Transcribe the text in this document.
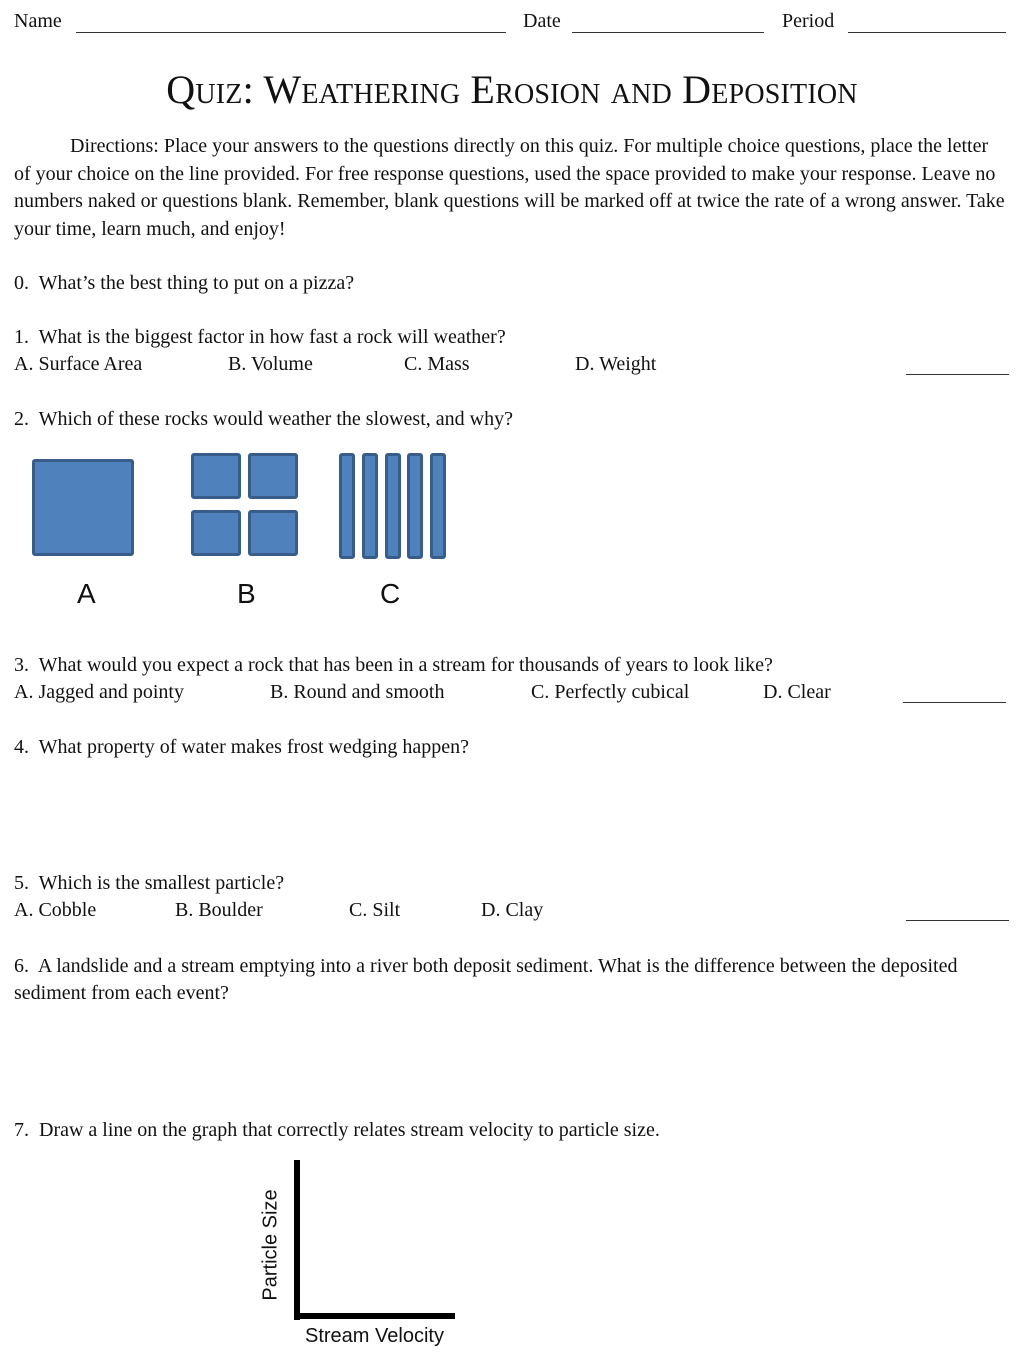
Name	Date	Period
Quiz: Weathering Erosion and Deposition
Directions: Place your answers to the questions directly on this quiz. For multiple choice questions, place the letter of your choice on the line provided. For free response questions, used the space provided to make your response. Leave no numbers naked or questions blank. Remember, blank questions will be marked off at twice the rate of a wrong answer. Take your time, learn much, and enjoy!
0. What’s the best thing to put on a pizza?
1. What is the biggest factor in how fast a rock will weather?
A. Surface Area	B. Volume	C. Mass	D. Weight
2. Which of these rocks would weather the slowest, and why?
A	B	C
3. What would you expect a rock that has been in a stream for thousands of years to look like?
A. Jagged and pointy	B. Round and smooth	C. Perfectly cubical	D. Clear
4. What property of water makes frost wedging happen?
5. Which is the smallest particle?
A. Cobble	B. Boulder	C. Silt	D. Clay
6. A landslide and a stream emptying into a river both deposit sediment. What is the difference between the deposited sediment from each event?
7. Draw a line on the graph that correctly relates stream velocity to particle size.
Particle Size
Stream Velocity
